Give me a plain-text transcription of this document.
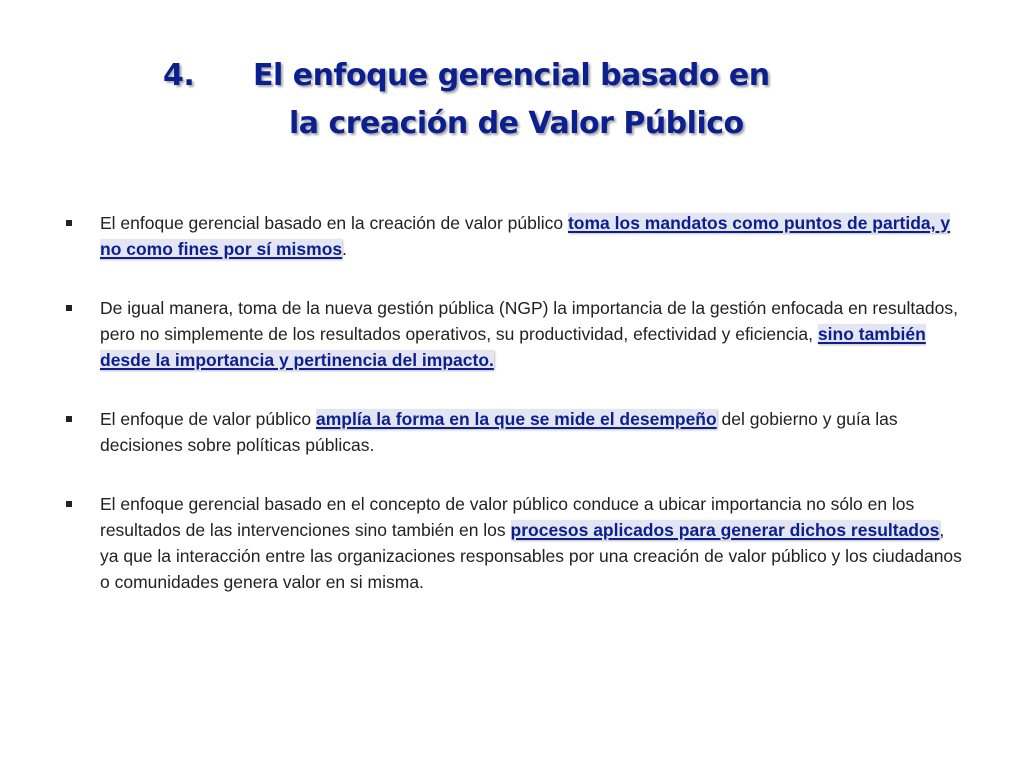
4. El enfoque gerencial basado en
la creación de Valor Público
El enfoque gerencial basado en la creación de valor público toma los mandatos como puntos de partida, y no como fines por sí mismos.
De igual manera, toma de la nueva gestión pública (NGP) la importancia de la gestión enfocada en resultados, pero no simplemente de los resultados operativos, su productividad, efectividad y eficiencia, sino también desde la importancia y pertinencia del impacto.
El enfoque de valor público amplía la forma en la que se mide el desempeño del gobierno y guía las decisiones sobre políticas públicas.
El enfoque gerencial basado en el concepto de valor público conduce a ubicar importancia no sólo en los resultados de las intervenciones sino también en los procesos aplicados para generar dichos resultados, ya que la interacción entre las organizaciones responsables por una creación de valor público y los ciudadanos o comunidades genera valor en si misma.
